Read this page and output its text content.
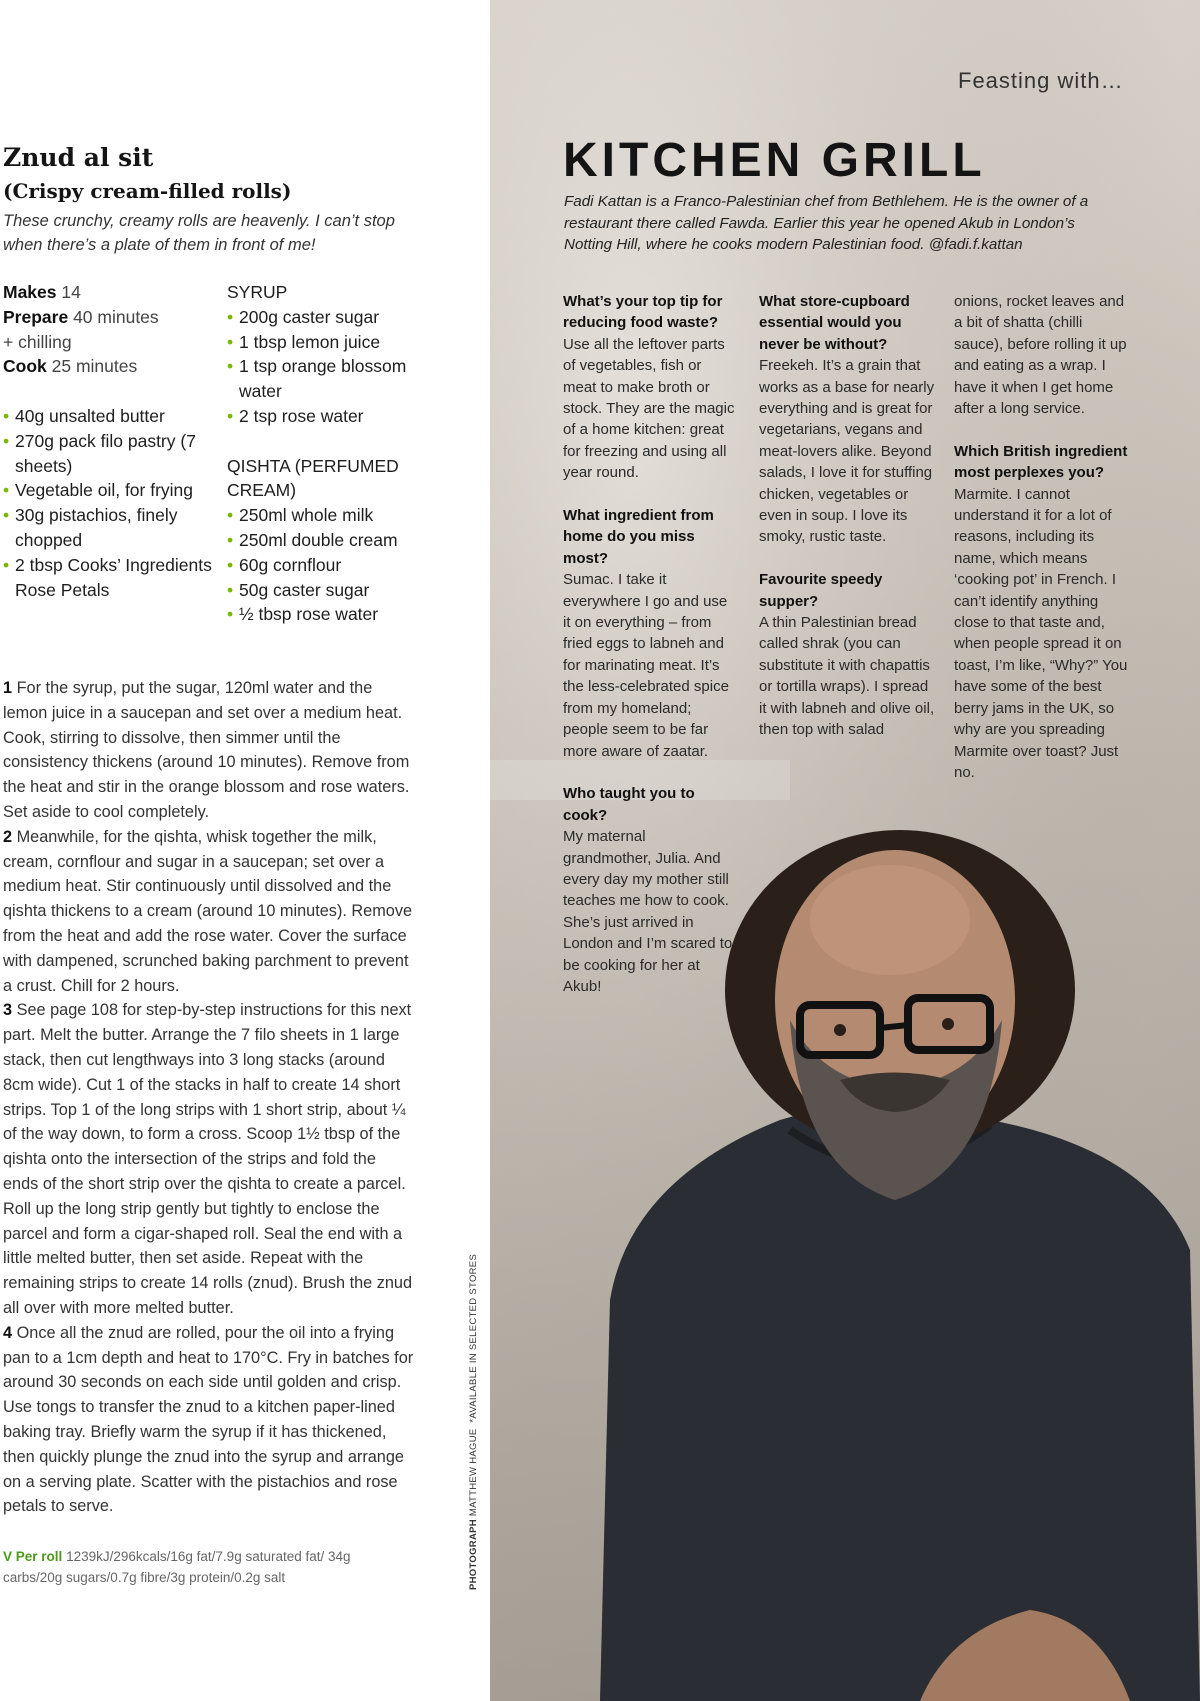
Znud al sit
(Crispy cream-filled rolls)

These crunchy, creamy rolls are heavenly. I can’t stop when there’s a plate of them in front of me!

Makes 14
Prepare 40 minutes
+ chilling
Cook 25 minutes
• 40g unsalted butter
• 270g pack filo pastry (7 sheets)
• Vegetable oil, for frying
• 30g pistachios, finely chopped
• 2 tbsp Cooks’ Ingredients Rose Petals
SYRUP
• 200g caster sugar
• 1 tbsp lemon juice
• 1 tsp orange blossom water
• 2 tsp rose water
QISHTA (PERFUMED CREAM)
• 250ml whole milk
• 250ml double cream
• 60g cornflour
• 50g caster sugar
• ½ tbsp rose water

1 For the syrup, put the sugar, 120ml water and the lemon juice in a saucepan and set over a medium heat. Cook, stirring to dissolve, then simmer until the consistency thickens (around 10 minutes). Remove from the heat and stir in the orange blossom and rose waters. Set aside to cool completely.

2 Meanwhile, for the qishta, whisk together the milk, cream, cornflour and sugar in a saucepan; set over a medium heat. Stir continuously until dissolved and the qishta thickens to a cream (around 10 minutes). Remove from the heat and add the rose water. Cover the surface with dampened, scrunched baking parchment to prevent a crust. Chill for 2 hours.

3 See page 108 for step-by-step instructions for this next part. Melt the butter. Arrange the 7 filo sheets in 1 large stack, then cut lengthways into 3 long stacks (around 8cm wide). Cut 1 of the stacks in half to create 14 short strips. Top 1 of the long strips with 1 short strip, about ¼ of the way down, to form a cross. Scoop 1½ tbsp of the qishta onto the intersection of the strips and fold the ends of the short strip over the qishta to create a parcel. Roll up the long strip gently but tightly to enclose the parcel and form a cigar-shaped roll. Seal the end with a little melted butter, then set aside. Repeat with the remaining strips to create 14 rolls (znud). Brush the znud all over with more melted butter.

4 Once all the znud are rolled, pour the oil into a frying pan to a 1cm depth and heat to 170°C. Fry in batches for around 30 seconds on each side until golden and crisp. Use tongs to transfer the znud to a kitchen paper-lined baking tray. Briefly warm the syrup if it has thickened, then quickly plunge the znud into the syrup and arrange on a serving plate. Scatter with the pistachios and rose petals to serve.

V Per roll 1239kJ/296kcals/16g fat/7.9g saturated fat/ 34g carbs/20g sugars/0.7g fibre/3g protein/0.2g salt
Feasting with…
KITCHEN GRILL

Fadi Kattan is a Franco-Palestinian chef from Bethlehem. He is the owner of a restaurant there called Fawda. Earlier this year he opened Akub in London’s Notting Hill, where he cooks modern Palestinian food. @fadi.f.kattan

What’s your top tip for reducing food waste?
Use all the leftover parts of vegetables, fish or meat to make broth or stock. They are the magic of a home kitchen: great for freezing and using all year round.
What ingredient from home do you miss most?
Sumac. I take it everywhere I go and use it on everything – from fried eggs to labneh and for marinating meat. It’s the less-celebrated spice from my homeland; people seem to be far more aware of zaatar.
Who taught you to cook?
My maternal grandmother, Julia. And every day my mother still teaches me how to cook. She’s just arrived in London and I’m scared to be cooking for her at Akub!
What store-cupboard essential would you never be without?
Freekeh. It’s a grain that works as a base for nearly everything and is great for vegetarians, vegans and meat-lovers alike. Beyond salads, I love it for stuffing chicken, vegetables or even in soup. I love its smoky, rustic taste.
Favourite speedy supper?
A thin Palestinian bread called shrak (you can substitute it with chapattis or tortilla wraps). I spread it with labneh and olive oil, then top with salad
onions, rocket leaves and a bit of shatta (chilli sauce), before rolling it up and eating as a wrap. I have it when I get home after a long service.
Which British ingredient most perplexes you?
Marmite. I cannot understand it for a lot of reasons, including its name, which means ‘cooking pot’ in French. I can’t identify anything close to that taste and, when people spread it on toast, I’m like, “Why?” You have some of the best berry jams in the UK, so why are you spreading Marmite over toast? Just no.
PHOTOGRAPH MATTHEW HAGUE  *AVAILABLE IN SELECTED STORES
